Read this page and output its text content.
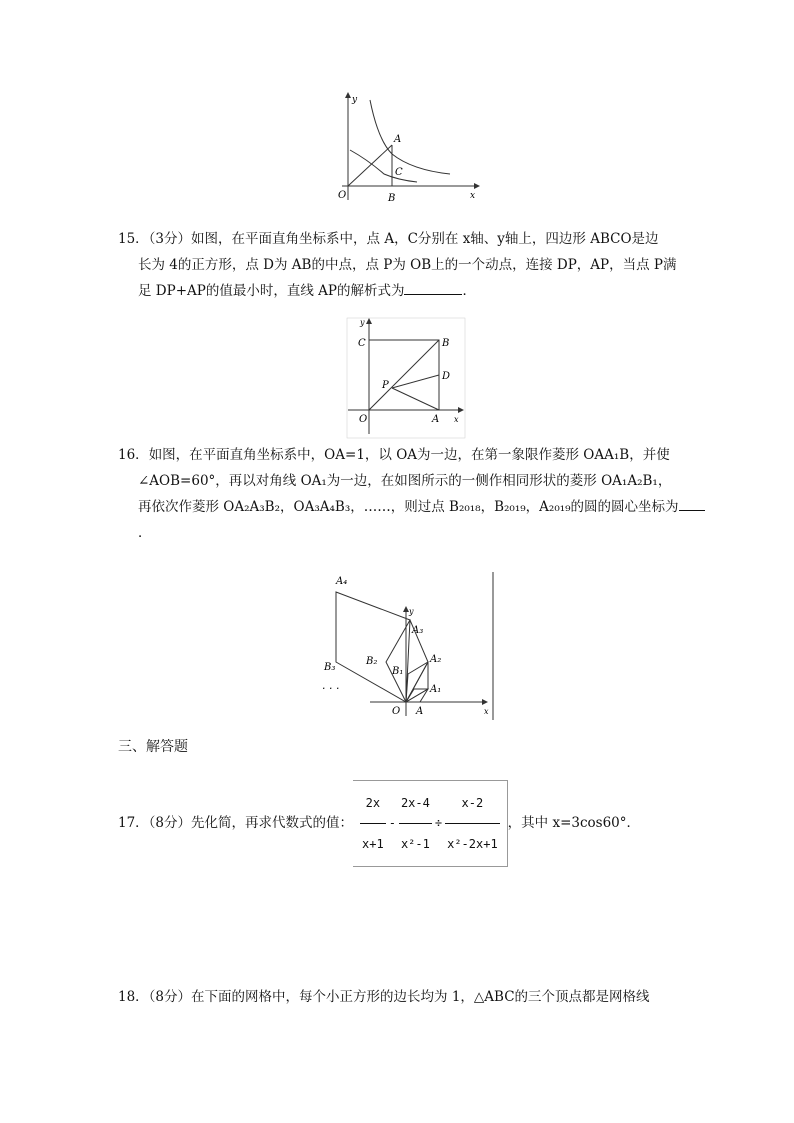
y
x
O
A
C
B
15．（3分）如图，在平面直角坐标系中，点 A，C分别在 x轴、y轴上，四边形 ABCO是边
长为 4的正方形，点 D为 AB的中点，点 P为 OB上的一个动点，连接 DP，AP，当点 P满
足 DP+AP的值最小时，直线 AP的解析式为	．
y
x
C	B
D
P
O	A
16．如图，在平面直角坐标系中，OA=1，以 OA为一边，在第一象限作菱形 OAA₁B，并使
∠AOB=60°，再以对角线 OA₁为一边，在如图所示的一侧作相同形状的菱形 OA₁A₂B₁，
再依次作菱形 OA₂A₃B₂，OA₃A₄B₃，……，则过点 B₂₀₁₈，B₂₀₁₉，A₂₀₁₉的圆的圆心坐标为
．
A₄
y
A₃
A₂
B₂
B₁
A₁
B₃
· · ·
O A	x
三、解答题
17．（8分）先化简，再求代数式的值： $\frac{2x}{x+1} - \frac{2x-4}{\text{x²-1}} \div \frac{x-2}{\text{x²-2x+1}}$ ，其中 x=3cos60°．
18．（8分）在下面的网格中，每个小正方形的边长均为 1，△ABC的三个顶点都是网格线
